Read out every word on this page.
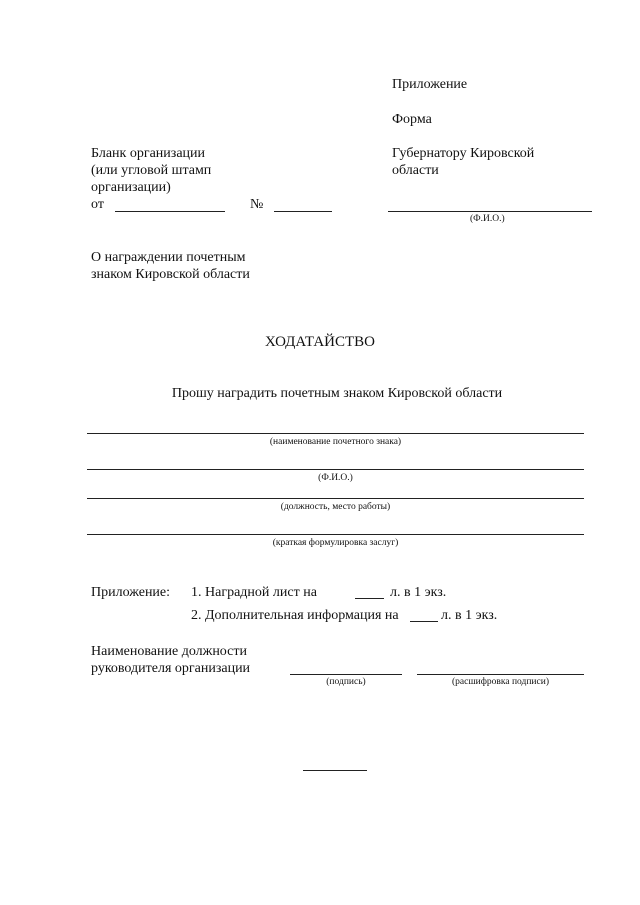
Приложение
Форма
Губернатору Кировской
области
(Ф.И.О.)
Бланк организации
(или угловой штамп
организации)
от	№
О награждении почетным
знаком Кировской области
ХОДАТАЙСТВО
Прошу наградить почетным знаком Кировской области
(наименование почетного знака)
(Ф.И.О.)
(должность, место работы)
(краткая формулировка заслуг)
Приложение: 1. Наградной лист на	л. в 1 экз.
2. Дополнительная информация на	л. в 1 экз.
Наименование должности
руководителя организации
(подпись)	(расшифровка подписи)
